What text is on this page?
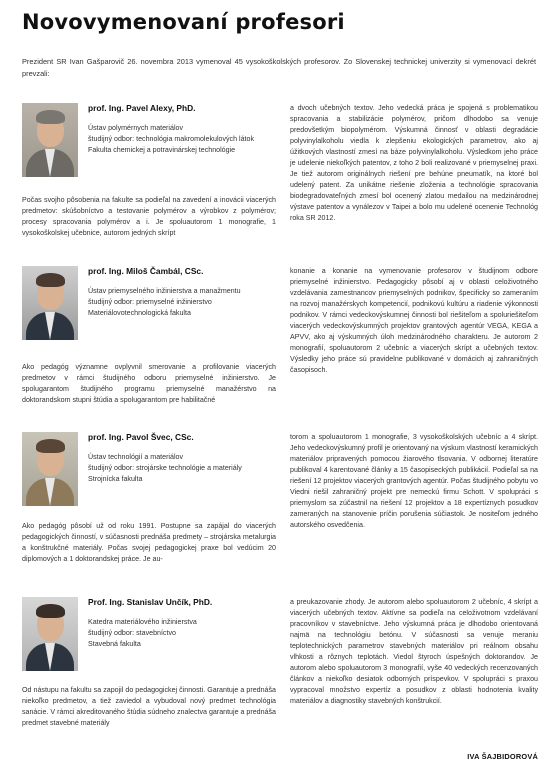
Novovymenovaní profesori

Prezident SR Ivan Gašparovič 26. novembra 2013 vymenoval 45 vysokoškolských profesorov. Zo Slovenskej technickej univerzity si vymenovací dekrét prevzali:

prof. Ing. Pavel Alexy, PhD.

Ústav polymérnych materiálov
študijný odbor: technológia makromolekulových látok
Fakulta chemickej a potravinárskej technológie

Počas svojho pôsobenia na fakulte sa podieľal na zavedení a inovácii viacerých predmetov: skúšobníctvo a testovanie polymérov a výrobkov z polymérov; procesy spracovania polymérov a i. Je spoluautorom 1 monografie, 1 vysokoškolskej učebnice, autorom jedných skrípt

a dvoch učebných textov. Jeho vedecká práca je spojená s problematikou spracovania a stabilizácie polymérov, pričom dlhodobo sa venuje predovšetkým biopolymérom. Výskumná činnosť v oblasti degradácie polyvinylalkoholu viedla k zlepšeniu ekologických parametrov, ako aj úžitkových vlastností zmesí na báze polyvinylalkoholu. Výsledkom jeho práce je udelenie niekoľkých patentov, z toho 2 boli realizované v priemyselnej praxi. Je tiež autorom originálnych riešení pre behúne pneumatík, na ktoré bol udelený patent. Za unikátne riešenie zloženia a technológie spracovania biodegradovateľných zmesí bol ocenený zlatou medailou na medzinárodnej výstave patentov a vynálezov v Taipei a bolo mu udelené ocenenie Technológ roka SR 2012.

prof. Ing. Miloš Čambál, CSc.

Ústav priemyselného inžinierstva a manažmentu
študijný odbor: priemyselné inžinierstvo
Materiálovotechnologická fakulta

Ako pedagóg významne ovplyvnil smerovanie a profilovanie viacerých predmetov v rámci študijného odboru priemyselné inžinierstvo. Je spolugarantom študijného programu priemyselné manažérstvo na doktorandskom stupni štúdia a spolugarantom pre habilitačné

konanie a konanie na vymenovanie profesorov v študijnom odbore priemyselné inžinierstvo. Pedagogicky pôsobí aj v oblasti celoživotného vzdelávania zamestnancov priemyselných podnikov, špecificky so zameraním na rozvoj manažérskych kompetencií, podnikovú kultúru a riadenie výkonnosti podnikov. V rámci vedeckovýskumnej činnosti bol riešiteľom a spoluriešiteľom viacerých vedeckovýskumných projektov grantových agentúr VEGA, KEGA a APVV, ako aj výskumných úloh medzinárodného charakteru. Je autorom 2 monografií, spoluautorom 2 učebníc a viacerých skrípt a učebných textov. Výsledky jeho práce sú pravidelne publikované v domácich aj zahraničných časopisoch.

prof. Ing. Pavol Švec, CSc.

Ústav technológií a materiálov
študijný odbor: strojárske technológie a materiály
Strojnícka fakulta

Ako pedagóg pôsobí už od roku 1991. Postupne sa zapájal do viacerých pedagogických činností, v súčasnosti prednáša predmety – strojárska metalurgia a konštrukčné materiály. Počas svojej pedagogickej praxe bol vedúcim 20 diplomových a 1 doktorandskej práce. Je au-

torom a spoluautorom 1 monografie, 3 vysokoškolských učebníc a 4 skrípt. Jeho vedeckovýskumný profil je orientovaný na výskum vlastností keramických materiálov pripravených pomocou žiarového tlsovania. V odbornej literatúre publikoval 4 karentované články a 15 časopiseckých publikácií. Podieľal sa na riešení 12 projektov viacerých grantových agentúr. Počas študijného pobytu vo Viedni riešil zahraničný projekt pre nemeckú firmu Schott. V spolupráci s priemyslom sa zúčastnil na riešení 12 projektov a 18 expertíznych posudkov zameraných na stanovenie príčin porušenia súčiastok. Je nositeľom jedného autorského osvedčenia.

Prof. Ing. Stanislav Unčík, PhD.

Katedra materiálového inžinierstva
študijný odbor: stavebníctvo
Stavebná fakulta

Od nástupu na fakultu sa zapojil do pedagogickej činnosti. Garantuje a prednáša niekoľko predmetov, a tiež zaviedol a vybudoval nový predmet technológia sanácie. V rámci akreditovaného štúdia súdneho znalectva garantuje a prednáša predmet stavebné materiály

a preukazovanie zhody. Je autorom alebo spoluautorom 2 učebníc, 4 skrípt a viacerých učebných textov. Aktívne sa podieľa na celoživotnom vzdelávaní pracovníkov v stavebníctve. Jeho výskumná práca je dlhodobo orientovaná najmä na technológiu betónu. V súčasnosti sa venuje meraniu teplotechnických parametrov stavebných materiálov pri reálnom obsahu vlhkosti a rôznych teplotách. Viedol štyroch úspešných doktorandov. Je autorom alebo spoluautorom 3 monografií, vyše 40 vedeckých recenzovaných článkov a niekoľko desiatok odborných príspevkov. V spolupráci s praxou vypracoval množstvo expertíz a posudkov z oblasti hodnotenia kvality materiálov a diagnostiky stavebných konštrukcií.

IVA ŠAJBIDOROVÁ
